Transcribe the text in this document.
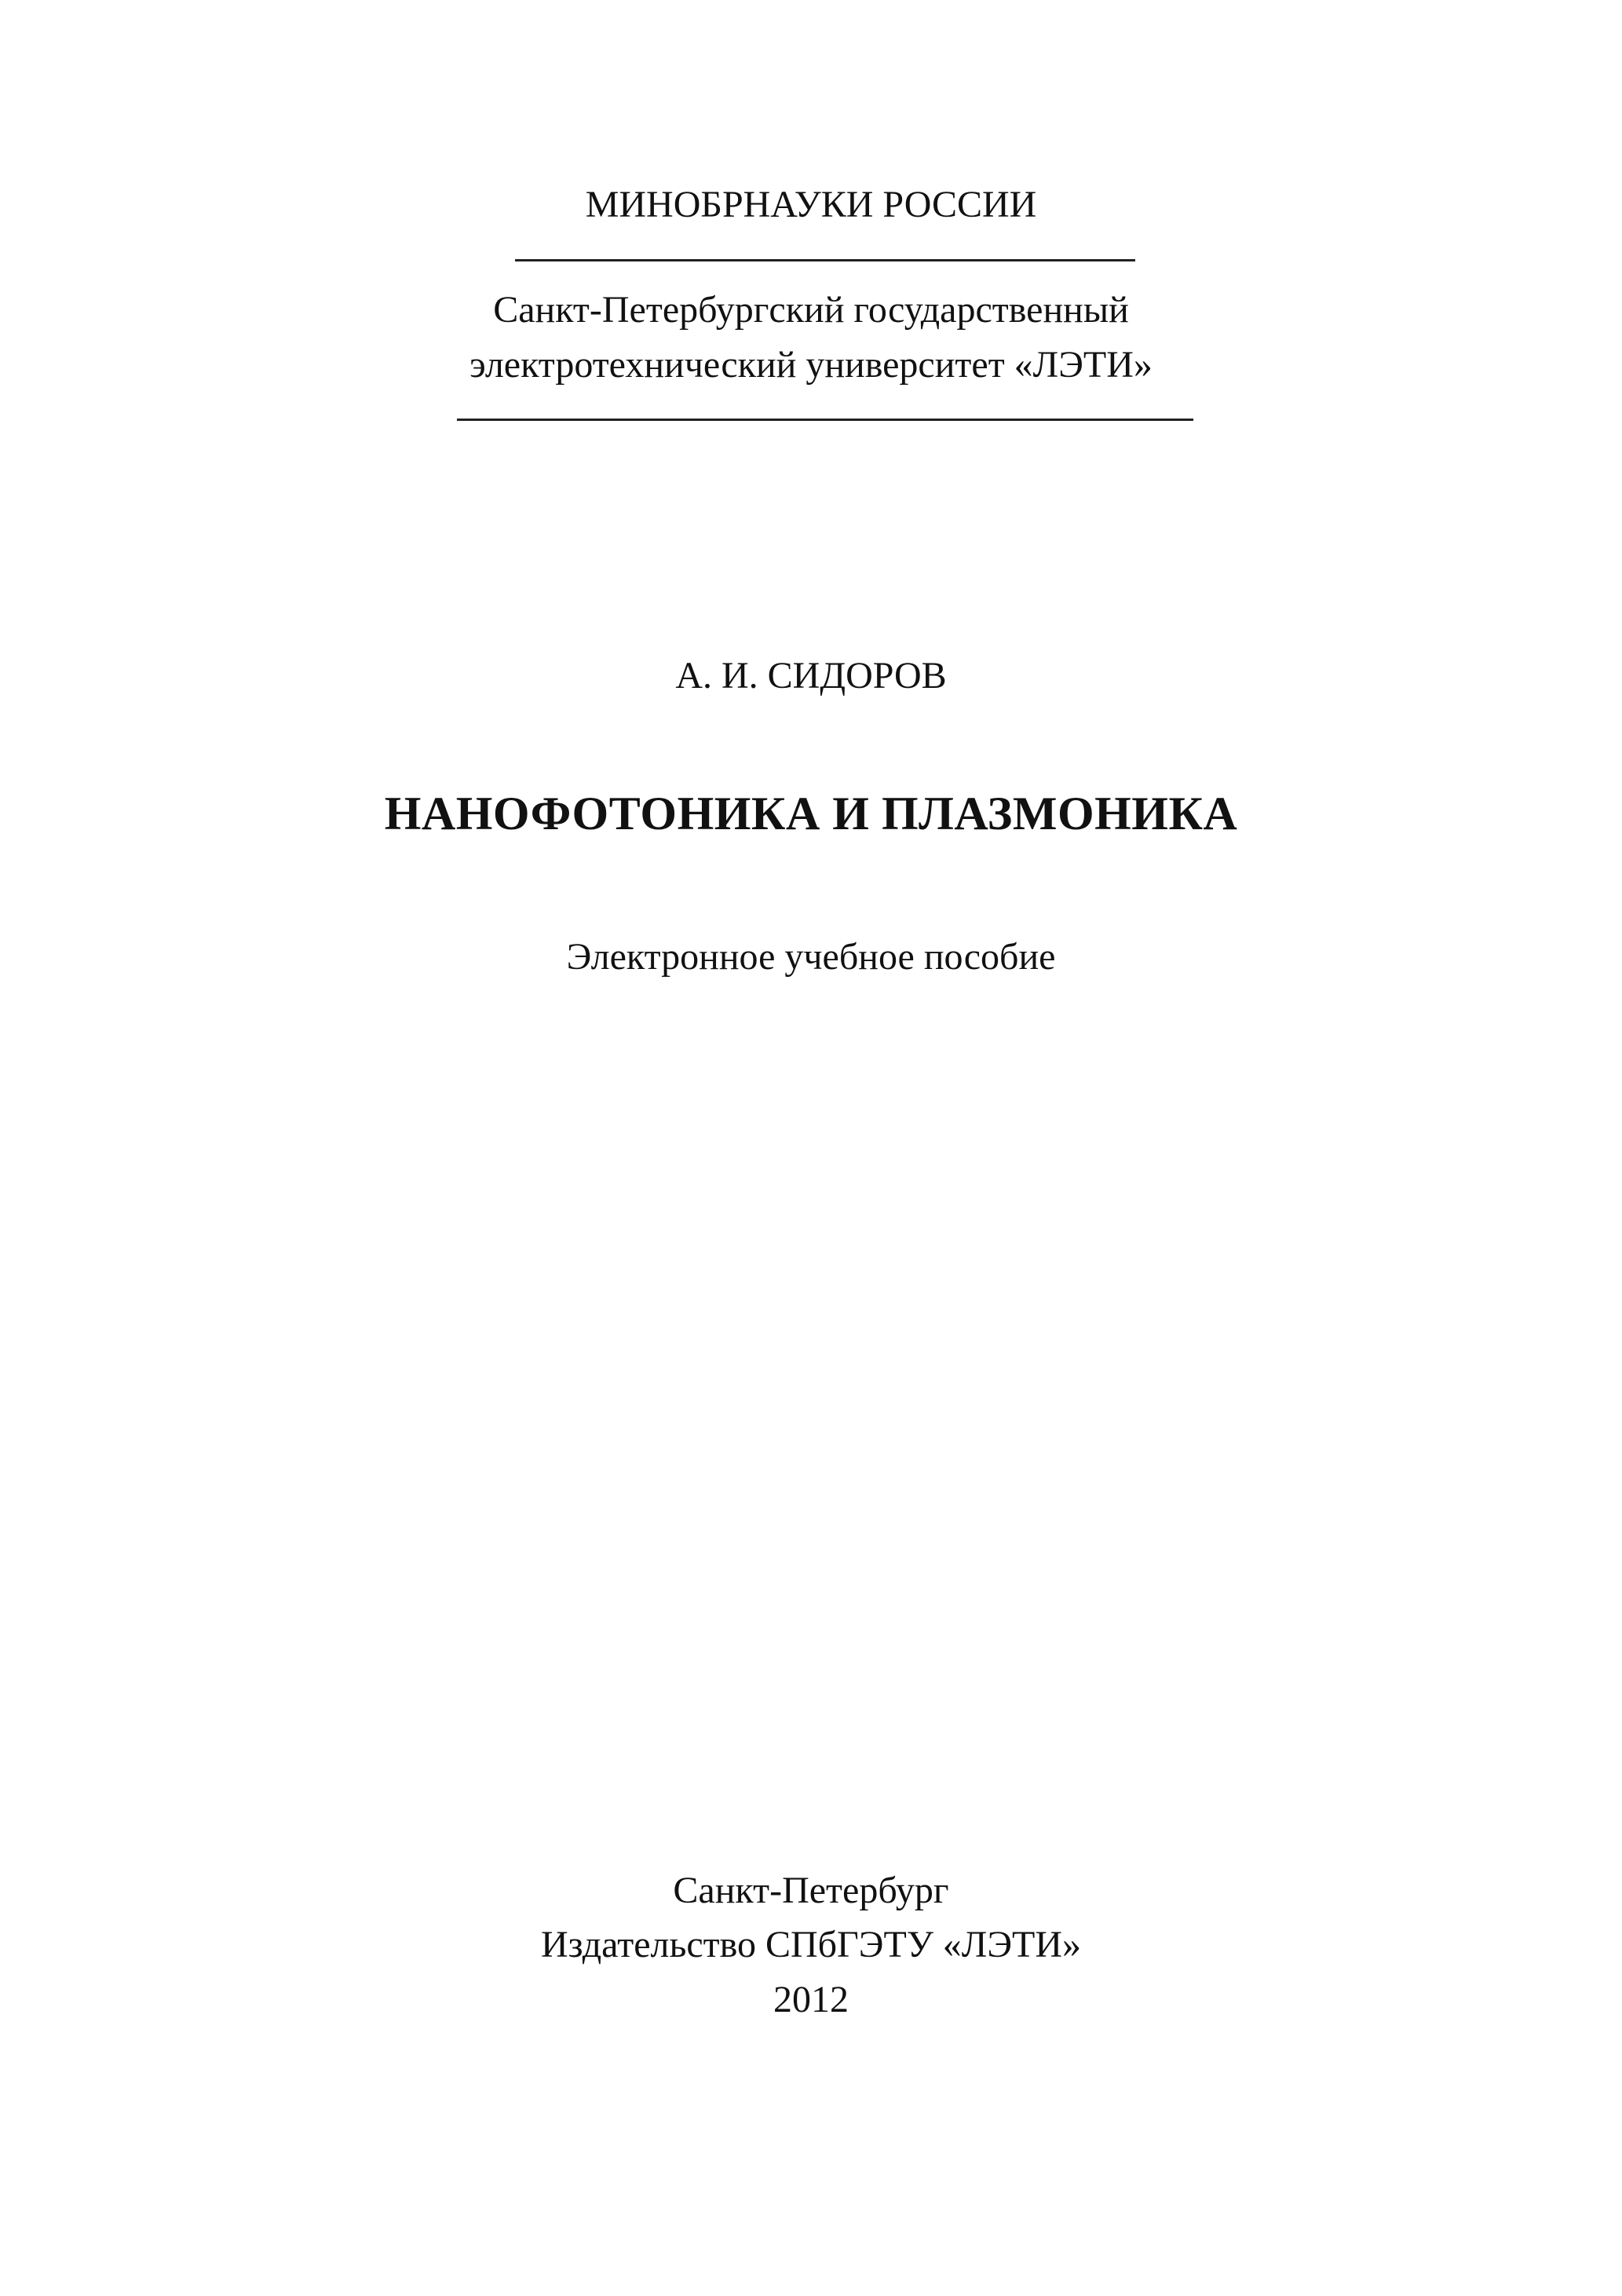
МИНОБРНАУКИ РОССИИ
Санкт-Петербургский государственный
электротехнический университет «ЛЭТИ»
А. И. СИДОРОВ
НАНОФОТОНИКА И ПЛАЗМОНИКА
Электронное учебное пособие
Санкт-Петербург
Издательство СПбГЭТУ «ЛЭТИ»
2012
